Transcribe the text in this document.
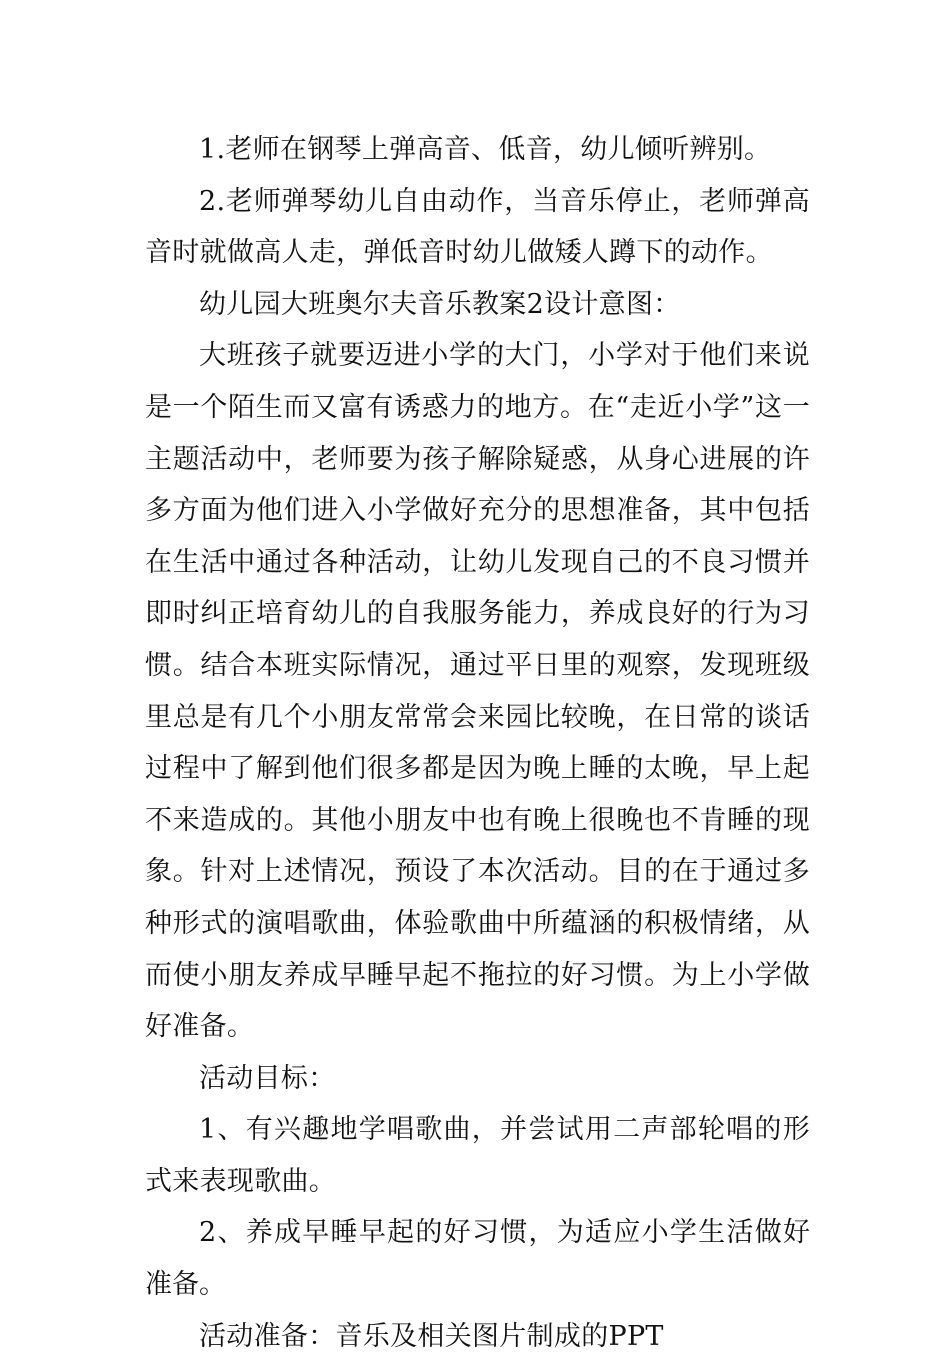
1.老师在钢琴上弹高音、低音，幼儿倾听辨别。

2.老师弹琴幼儿自由动作，当音乐停止，老师弹高音时就做高人走，弹低音时幼儿做矮人蹲下的动作。

幼儿园大班奥尔夫音乐教案2设计意图：

大班孩子就要迈进小学的大门，小学对于他们来说是一个陌生而又富有诱惑力的地方。在“走近小学”这一主题活动中，老师要为孩子解除疑惑，从身心进展的许多方面为他们进入小学做好充分的思想准备，其中包括在生活中通过各种活动，让幼儿发现自己的不良习惯并即时纠正培育幼儿的自我服务能力，养成良好的行为习惯。结合本班实际情况，通过平日里的观察，发现班级里总是有几个小朋友常常会来园比较晚，在日常的谈话过程中了解到他们很多都是因为晚上睡的太晚，早上起不来造成的。其他小朋友中也有晚上很晚也不肯睡的现象。针对上述情况，预设了本次活动。目的在于通过多种形式的演唱歌曲，体验歌曲中所蕴涵的积极情绪，从而使小朋友养成早睡早起不拖拉的好习惯。为上小学做好准备。

活动目标：

1、有兴趣地学唱歌曲，并尝试用二声部轮唱的形式来表现歌曲。

2、养成早睡早起的好习惯，为适应小学生活做好准备。

活动准备：音乐及相关图片制成的PPT
